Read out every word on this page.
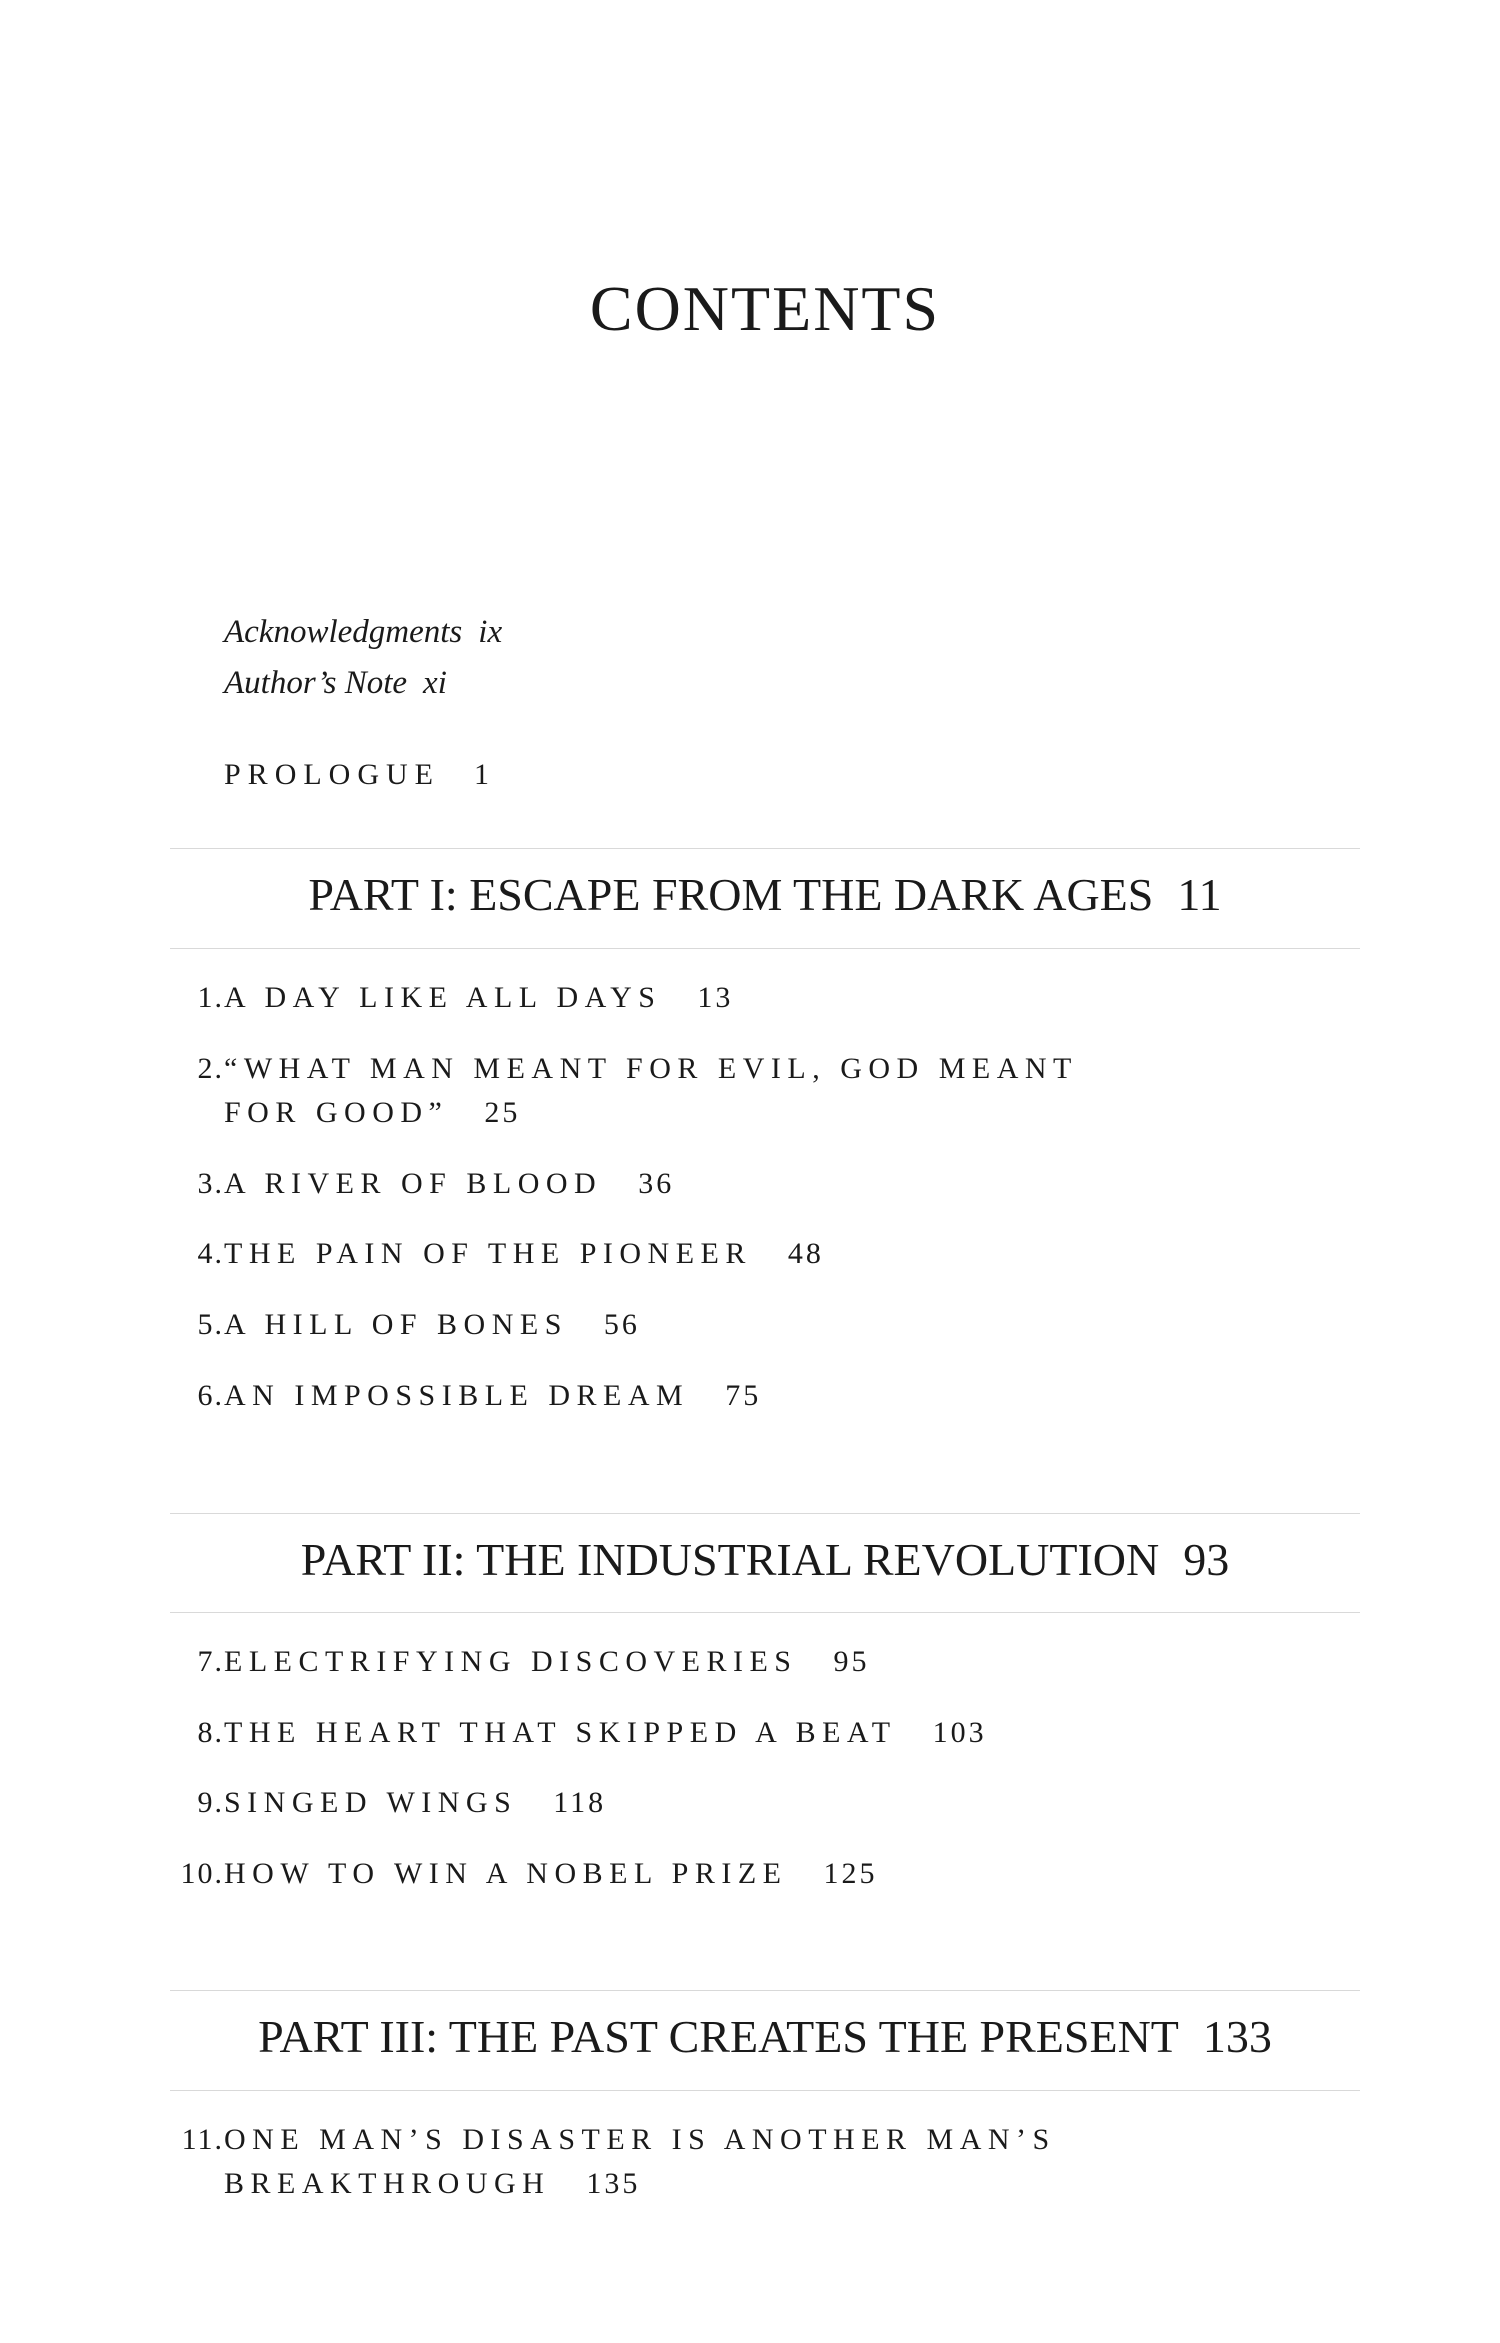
CONTENTS
Acknowledgments ix
Author’s Note xi
PROLOGUE 1
PART I: ESCAPE FROM THE DARK AGES 11
1.A DAY LIKE ALL DAYS 13
2.“WHAT MAN MEANT FOR EVIL, GOD MEANT
FOR GOOD” 25
3.A RIVER OF BLOOD 36
4.THE PAIN OF THE PIONEER 48
5.A HILL OF BONES 56
6.AN IMPOSSIBLE DREAM 75
PART II: THE INDUSTRIAL REVOLUTION 93
7.ELECTRIFYING DISCOVERIES 95
8.THE HEART THAT SKIPPED A BEAT 103
9.SINGED WINGS 118
10.HOW TO WIN A NOBEL PRIZE 125
PART III: THE PAST CREATES THE PRESENT 133
11.ONE MAN’S DISASTER IS ANOTHER MAN’S
BREAKTHROUGH 135
